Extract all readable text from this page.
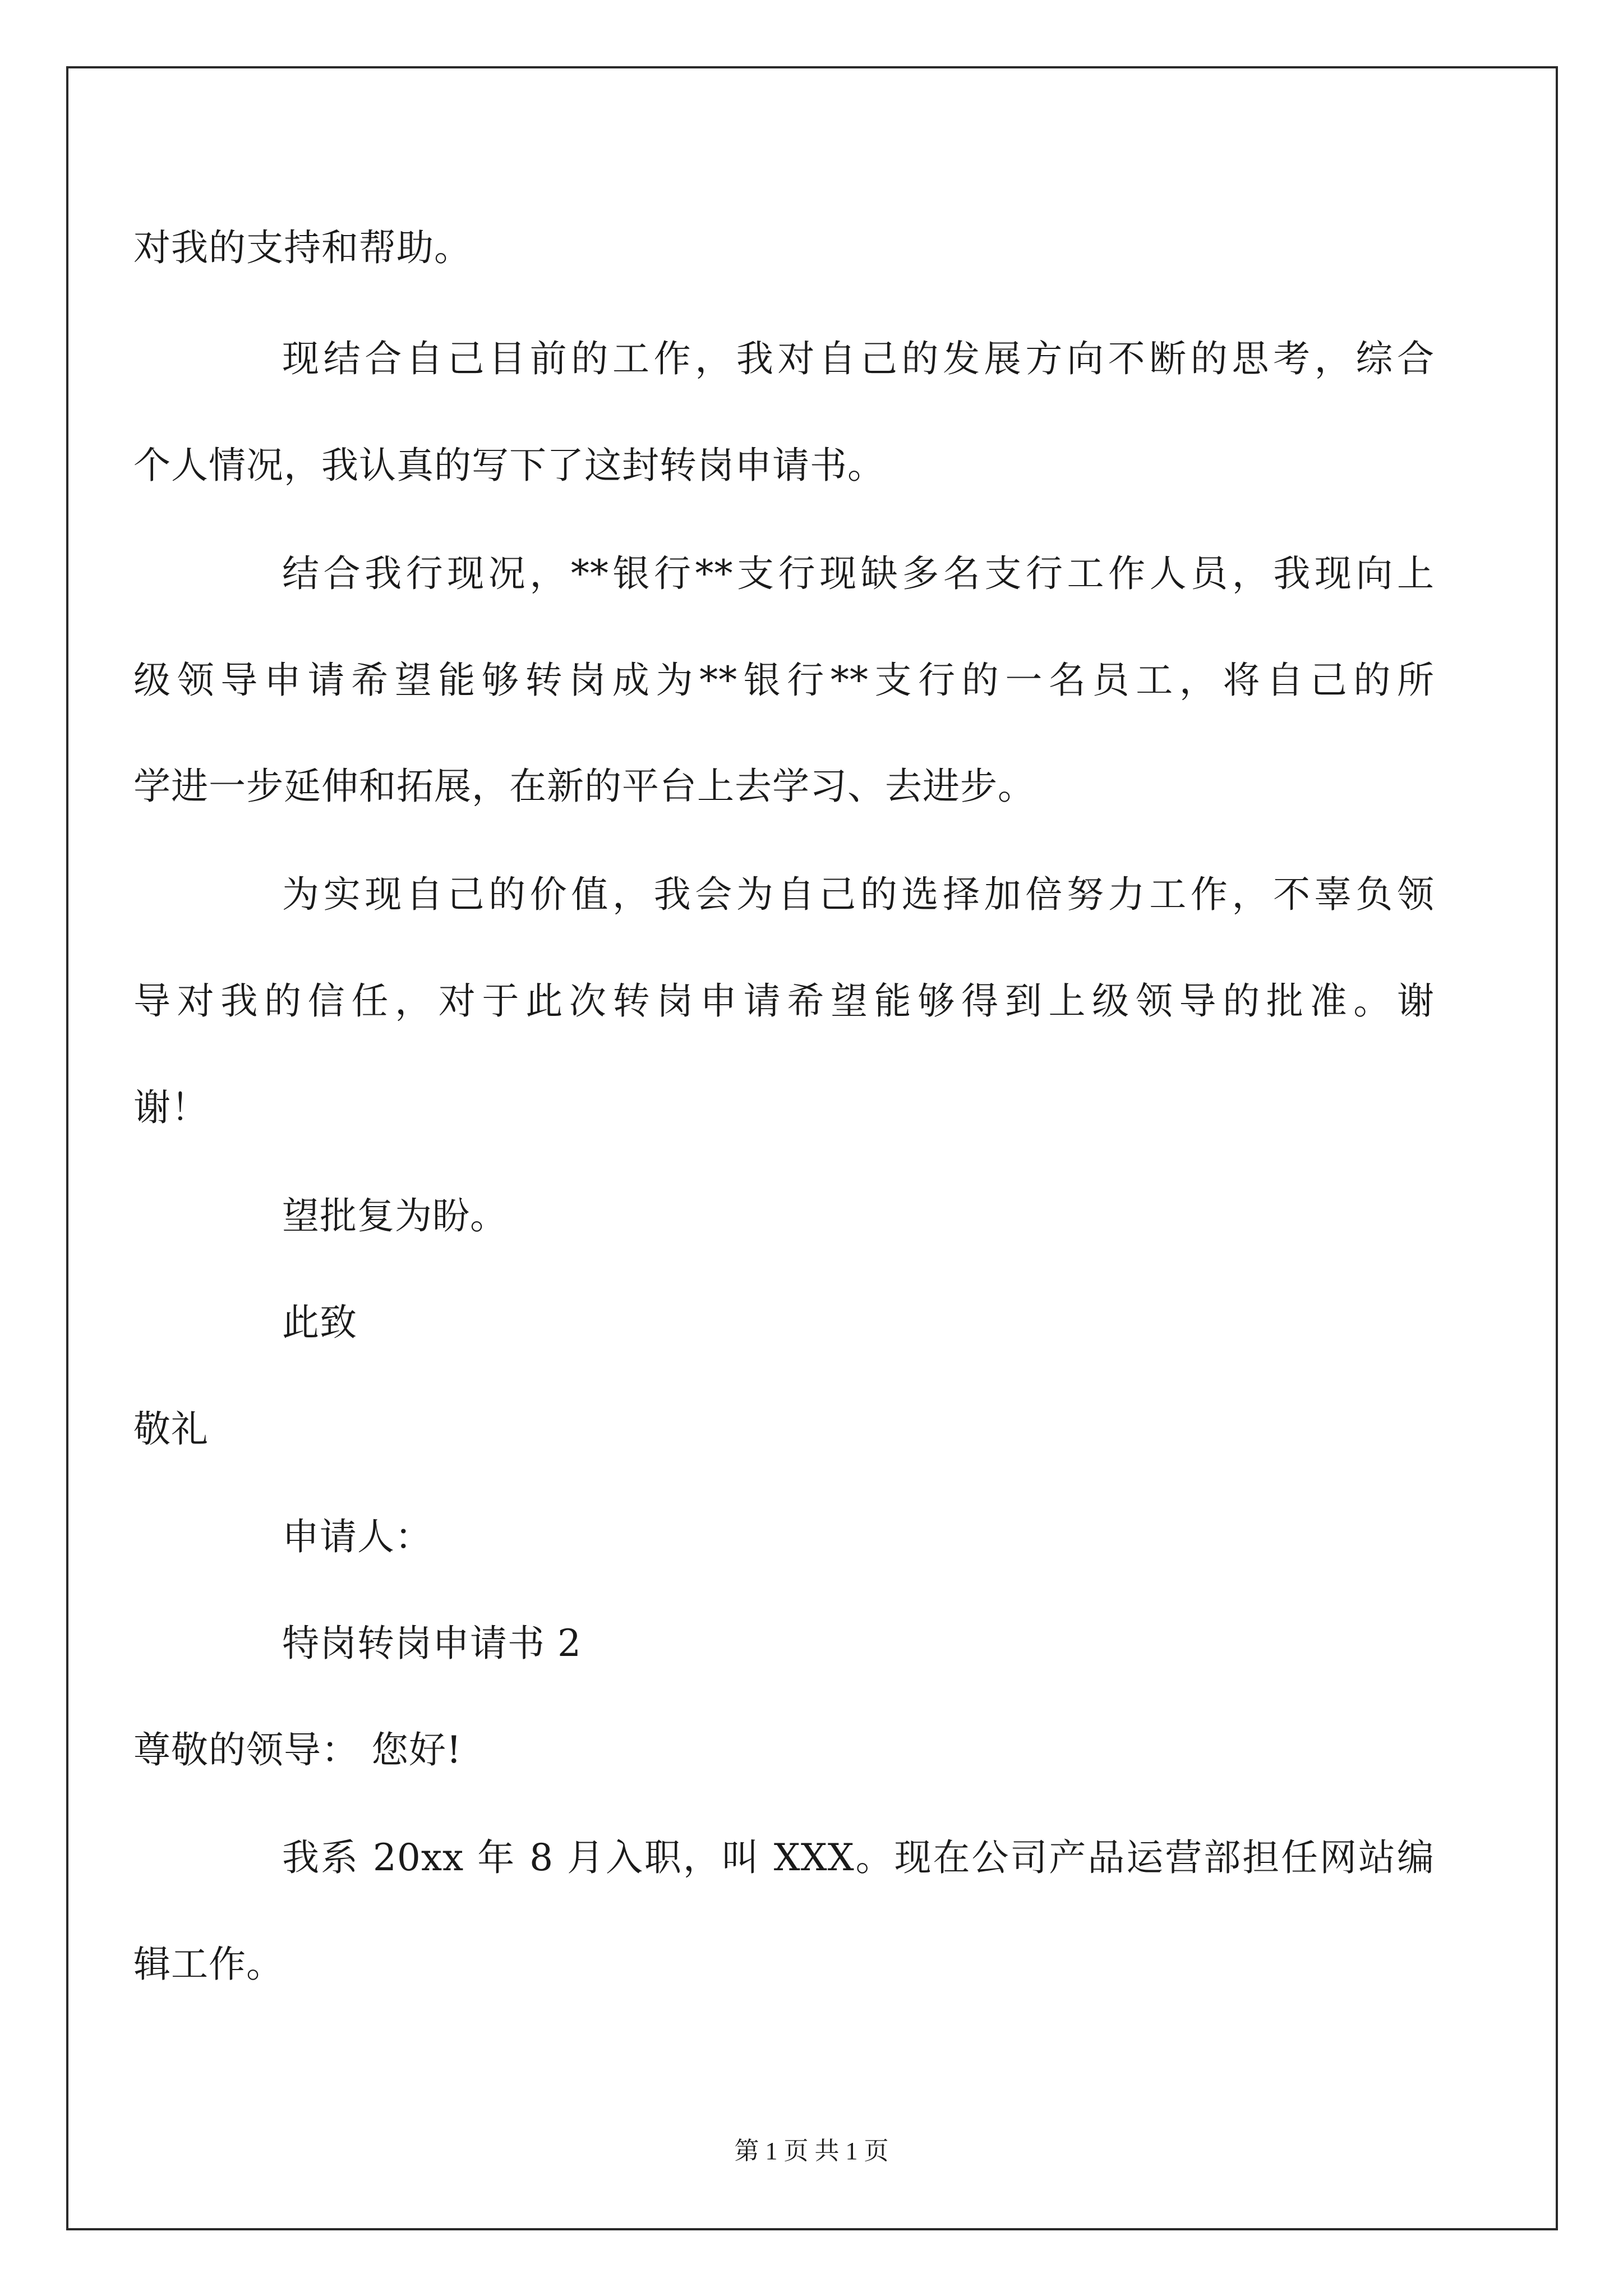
对我的支持和帮助。
现结合自己目前的工作，我对自己的发展方向不断的思考，综合
个人情况，我认真的写下了这封转岗申请书。
结合我行现况，**银行**支行现缺多名支行工作人员，我现向上
级领导申请希望能够转岗成为**银行**支行的一名员工，将自己的所
学进一步延伸和拓展，在新的平台上去学习、去进步。
为实现自己的价值，我会为自己的选择加倍努力工作，不辜负领
导对我的信任，对于此次转岗申请希望能够得到上级领导的批准。谢
谢！
望批复为盼。
此致
敬礼
申请人：
特岗转岗申请书 2
尊敬的领导： 您好!
我系 20xx 年 8 月入职，叫 XXX。现在公司产品运营部担任网站编
辑工作。
第 1 页 共 1 页
